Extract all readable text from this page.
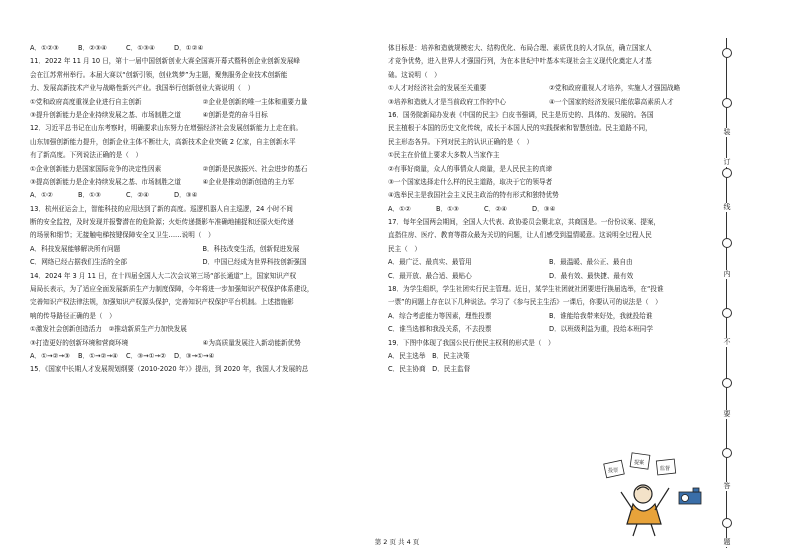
A．①②③	B．②③④	C．①③④	D．①②④
11．2022 年 11 月 10 日，第十一届中国创新创业大赛全国赛开幕式暨科创企业创新发展峰
会在江苏常州举行。本届大赛以“创新引领，创业筑梦”为主题，聚焦服务企业技术创新能
力、发展高新技术产业与战略性新兴产业。我国举行创新创业大赛说明（　）
①党和政府高度重视企业进行自主创新	②企业是创新的唯一主体和重要力量
③提升创新能力是企业持续发展之基、市场制胜之道	④创新是党的奋斗目标
12．习近平总书记在山东考察时，明确要求山东努力在增强经济社会发展创新能力上走在前。
山东加强创新能力提升，创新企业主体不断壮大，高新技术企业突破 2 亿家，自主创新水平
有了新高度。下列说法正确的是（　）
①企业创新能力是国家国际竞争的决定性因素	②创新是民族振兴、社会进步的基石
③提高创新能力是企业持续发展之基、市场制胜之道	④企业是推动创新创造的主力军
A．①②	B．①③	C．②④	D．③④
13．杭州亚运会上，智能科技的应用达到了新的高度。巡逻机器人自主巡逻，24 小时不间
断的安全监控，及时发现并报警潜在的危险源；火炬传递摄影车准确地捕捉和还原火炬传递
的场景和细节；无接触电梯按键保障安全又卫生……说明（　）
A．科技发展能够解决所有问题	B．科技改变生活，创新促进发展
C．网络已经占据我们生活的全部	D．中国已经成为世界科技创新强国
14．2024 年 3 月 11 日，在十四届全国人大二次会议第三场“部长通道”上，国家知识产权
局局长表示，为了适应全面发展新质生产力制度保障，今年将进一步加强知识产权保护体系建设，
完善知识产权法律法规，加强知识产权源头保护，完善知识产权保护平台机制。上述措施影
响的传导路径正确的是（　）
①激发社会创新创造活力　②推动新质生产力加快发展
③打造更好的创新环境和营商环境	④为高质量发展注入新动能新优势
A．①→②→③	B．①→②→④	C．③→①→②	D．③→①→④
15．《国家中长期人才发展规划纲要（2010-2020 年）》提出，到 2020 年，我国人才发展的总
体目标是：培养和造就规模宏大、结构优化、布局合理、素质优良的人才队伍，确立国家人
才竞争优势，进入世界人才强国行列，为在本世纪中叶基本实现社会主义现代化奠定人才基
础。这说明（　）
①人才对经济社会的发展至关重要	②党和政府重视人才培养，实施人才强国战略
③培养和造就人才是当前政府工作的中心	④一个国家的经济发展只能依靠高素质人才
16．国务院新闻办发表《中国的民主》白皮书强调，民主是历史的、具体的、发展的。各国
民主植根于本国的历史文化传统，成长于本国人民的实践探索和智慧创造。民主道路不同，
民主形态各异。下列对民主的认识正确的是（　）
①民主在价值上要求大多数人当家作主
②有事好商量，众人的事情众人商量，是人民民主的真谛
③一个国家选择走什么样的民主道路，取决于它的领导者
④选举民主是我国社会主义民主政治的特有形式和独特优势
A．①②	B．①③	C．②④	D．③④
17．每年全国两会期间，全国人大代表、政协委员会聚北京，共商国是。一份份议案、提案，
直指住房、医疗、教育等群众最为关切的问题，让人们感受到温情暖意。这说明全过程人民
民主（　）
A．最广泛、最真实、最管用	B．最温暖、最公正、最自由
C．最开放、最合适、最贴心	D．最有效、最快捷、最有效
18．为学生组织，学生社团实行民主管理。近日，某学生社团就社团要进行换届选举，在“投谁
一票”的问题上存在以下几种说法。学习了《参与民主生活》一课后，你要认可的说法是（　）
A．综合考虑能力等因素，理性投票	B．谁能给我带来好处，我就投给谁
C．谁当选都和我没关系，不去投票	D．以班级利益为重，投给本班同学
19．下图中体现了我国公民行使民主权利的形式是（　）
A．民主选举　B．民主决策
C．民主协商　D．民主监督
装
订
线
内
不
要
答
题
投票
提案
监督
第 2 页 共 4 页
